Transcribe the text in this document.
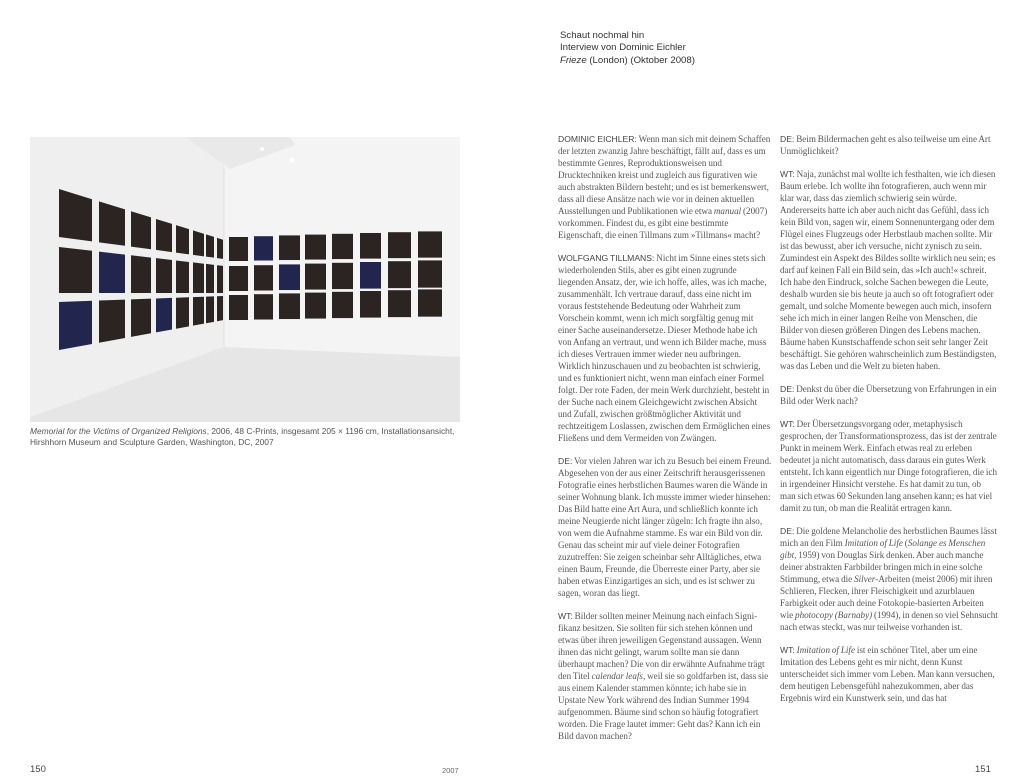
Schaut nochmal hin
Interview von Dominic Eichler
Frieze (London) (Oktober 2008)
Memorial for the Victims of Organized Religions, 2006, 48 C-Prints, insgesamt 205 × 1196 cm, Installationsansicht, Hirshhorn Museum and Sculpture Garden, Washington, DC, 2007

DOMINIC EICHLER: Wenn man sich mit deinem Schaffen der letzten zwanzig Jahre beschäftigt, fällt auf, dass es um bestimmte Genres, Reproduktionsweisen und Drucktechniken kreist und zugleich aus figurativen wie auch abstrakten Bildern besteht; und es ist bemerkenswert, dass all diese Ansätze nach wie vor in deinen aktuellen Ausstellungen und Publikationen wie etwa manual (2007) vorkommen. Findest du, es gibt eine bestimmte Eigenschaft, die einen Tillmans zum »Tillmans« macht?

WOLFGANG TILLMANS: Nicht im Sinne eines stets sich wiederholenden Stils, aber es gibt einen zugrunde liegenden Ansatz, der, wie ich hoffe, alles, was ich mache, zusammenhält. Ich vertraue darauf, dass eine nicht im voraus feststehende Bedeutung oder Wahrheit zum Vorschein kommt, wenn ich mich sorgfältig genug mit einer Sache auseinandersetze. Dieser Methode habe ich von Anfang an vertraut, und wenn ich Bilder mache, muss ich dieses Vertrauen immer wieder neu aufbringen. Wirklich hinzuschauen und zu beobachten ist schwierig, und es funktioniert nicht, wenn man einfach einer Formel folgt. Der rote Faden, der mein Werk durchzieht, besteht in der Suche nach einem Gleichgewicht zwischen Absicht und Zufall, zwischen größtmöglicher Aktivität und rechtzeitigem Loslassen, zwischen dem Ermöglichen eines Fließens und dem Vermeiden von Zwängen.

DE: Vor vielen Jahren war ich zu Besuch bei einem Freund. Abgesehen von der aus einer Zeitschrift herausgerissenen Fotografie eines herbstlichen Baumes waren die Wände in seiner Wohnung blank. Ich musste immer wieder hinsehen: Das Bild hatte eine Art Aura, und schließlich konnte ich meine Neugierde nicht länger zügeln: Ich fragte ihn also, von wem die Aufnahme stamme. Es war ein Bild von dir. Genau das scheint mir auf viele deiner Fotografien zuzutreffen: Sie zeigen scheinbar sehr Alltägliches, etwa einen Baum, Freunde, die Überreste einer Party, aber sie haben etwas Einzigartiges an sich, und es ist schwer zu sagen, woran das liegt.

WT: Bilder sollten meiner Meinung nach einfach Signifikanz besitzen. Sie sollten für sich stehen können und etwas über ihren jeweiligen Gegenstand aussagen. Wenn ihnen das nicht gelingt, warum sollte man sie dann überhaupt machen? Die von dir erwähnte Aufnahme trägt den Titel calendar leafs, weil sie so goldfarben ist, dass sie aus einem Kalender stammen könnte; ich habe sie in Upstate New York während des Indian Summer 1994 aufgenommen. Bäume sind schon so häufig fotografiert worden. Die Frage lautet immer: Geht das? Kann ich ein Bild davon machen?

DE: Beim Bildermachen geht es also teilweise um eine Art Unmöglichkeit?

WT: Naja, zunächst mal wollte ich festhalten, wie ich diesen Baum erlebe. Ich wollte ihn fotografieren, auch wenn mir klar war, dass das ziemlich schwierig sein würde. Andererseits hatte ich aber auch nicht das Gefühl, dass ich kein Bild von, sagen wir, einem Sonnenuntergang oder dem Flügel eines Flugzeugs oder Herbstlaub machen sollte. Mir ist das bewusst, aber ich versuche, nicht zynisch zu sein. Zumindest ein Aspekt des Bildes sollte wirklich neu sein; es darf auf keinen Fall ein Bild sein, das »Ich auch!« schreit. Ich habe den Eindruck, solche Sachen bewegen die Leute, deshalb wurden sie bis heute ja auch so oft fotografiert oder gemalt, und solche Momente bewegen auch mich, insofern sehe ich mich in einer langen Reihe von Menschen, die Bilder von diesen größeren Dingen des Lebens machen. Bäume haben Kunstschaffende schon seit sehr langer Zeit beschäftigt. Sie gehören wahrscheinlich zum Beständigsten, was das Leben und die Welt zu bieten haben.

DE: Denkst du über die Übersetzung von Erfahrungen in ein Bild oder Werk nach?

WT: Der Übersetzungsvorgang oder, metaphysisch gesprochen, der Transformationsprozess, das ist der zentrale Punkt in meinem Werk. Einfach etwas real zu erleben bedeutet ja nicht automatisch, dass daraus ein gutes Werk entsteht. Ich kann eigentlich nur Dinge fotografieren, die ich in irgendeiner Hinsicht verstehe. Es hat damit zu tun, ob man sich etwas 60 Sekunden lang ansehen kann; es hat viel damit zu tun, ob man die Realität ertragen kann.

DE: Die goldene Melancholie des herbstlichen Baumes lässt mich an den Film Imitation of Life (Solange es Menschen gibt, 1959) von Douglas Sirk denken. Aber auch manche deiner abstrakten Farbbilder bringen mich in eine solche Stimmung, etwa die Silver-Arbeiten (meist 2006) mit ihren Schlieren, Flecken, ihrer Fleischigkeit und azurblauen Farbigkeit oder auch deine Fotokopie-basierten Arbeiten wie photocopy (Barnaby) (1994), in denen so viel Sehnsucht nach etwas steckt, was nur teilweise vorhanden ist.

WT: Imitation of Life ist ein schöner Titel, aber um eine Imitation des Lebens geht es mir nicht, denn Kunst unterscheidet sich immer vom Leben. Man kann versuchen, dem heutigen Lebensgefühl nahezukommen, aber das Ergebnis wird ein Kunstwerk sein, und das hat

150	2007	151
